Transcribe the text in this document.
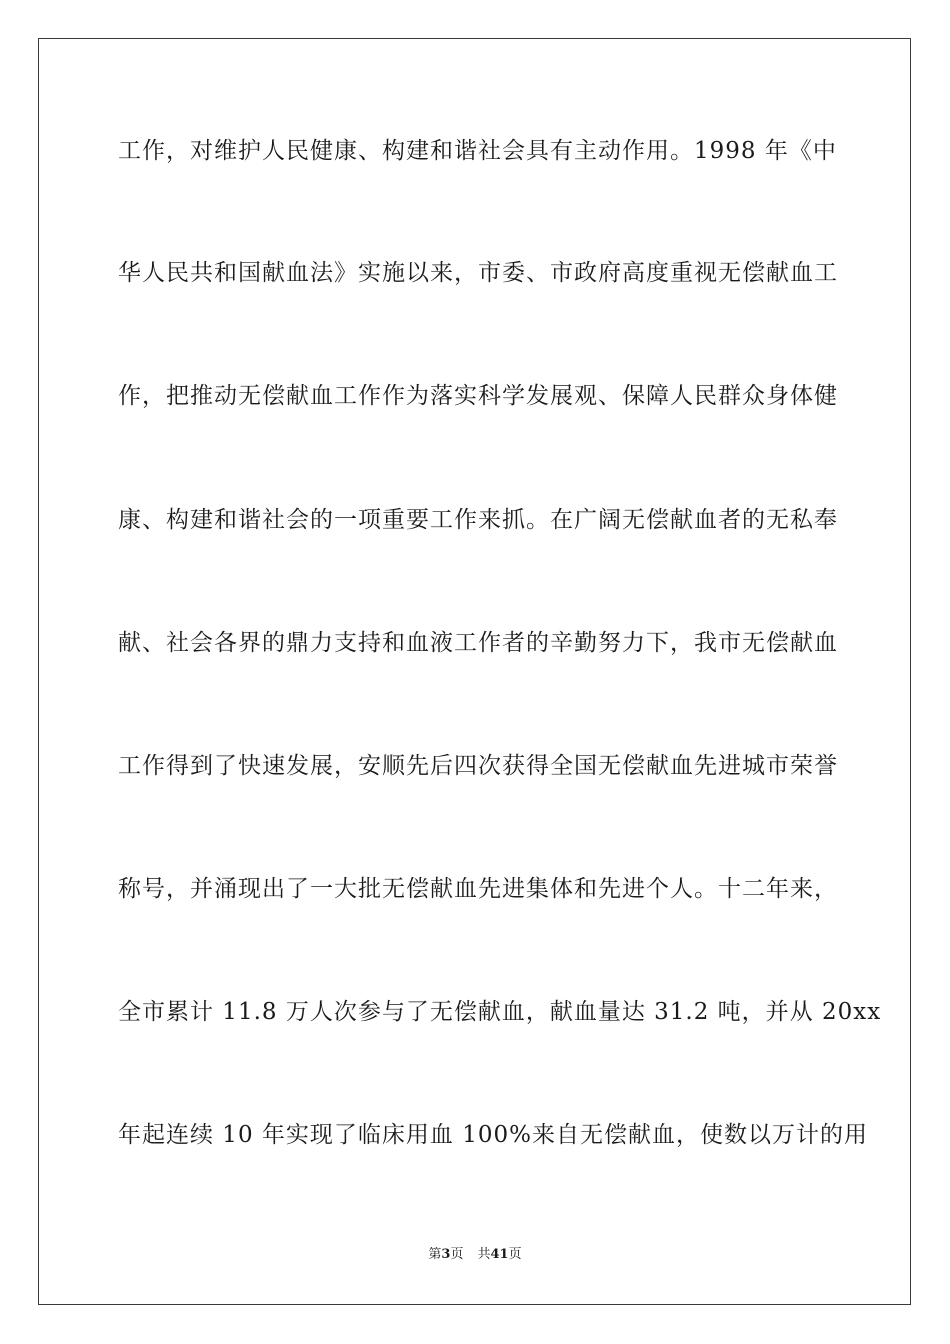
工作，对维护人民健康、构建和谐社会具有主动作用。1998 年《中
华人民共和国献血法》实施以来，市委、市政府高度重视无偿献血工
作，把推动无偿献血工作作为落实科学发展观、保障人民群众身体健
康、构建和谐社会的一项重要工作来抓。在广阔无偿献血者的无私奉
献、社会各界的鼎力支持和血液工作者的辛勤努力下，我市无偿献血
工作得到了快速发展，安顺先后四次获得全国无偿献血先进城市荣誉
称号，并涌现出了一大批无偿献血先进集体和先进个人。十二年来，
全市累计 11.8 万人次参与了无偿献血，献血量达 31.2 吨，并从 20xx
年起连续 10 年实现了临床用血 100%来自无偿献血，使数以万计的用
第3页 共41页
